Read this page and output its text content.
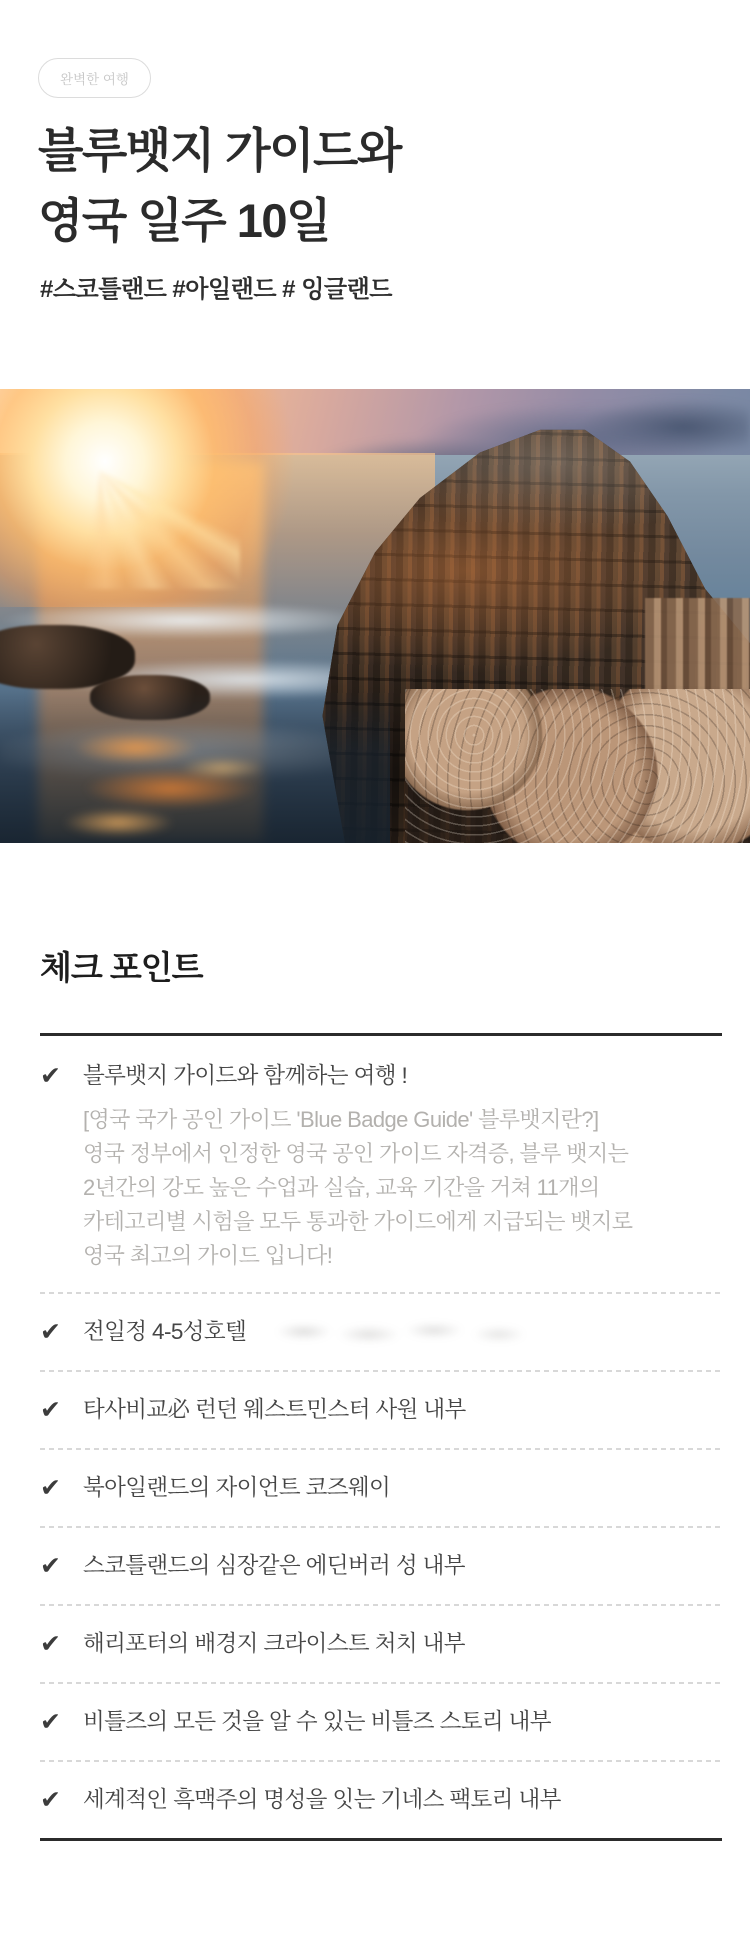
완벽한 여행
블루뱃지 가이드와
영국 일주 10일
#스코틀랜드 #아일랜드 # 잉글랜드
체크 포인트
✔ 블루뱃지 가이드와 함께하는 여행 !
[영국 국가 공인 가이드 'Blue Badge Guide' 블루뱃지란?]
영국 정부에서 인정한 영국 공인 가이드 자격증, 블루 뱃지는
2년간의 강도 높은 수업과 실습, 교육 기간을 거쳐 11개의
카테고리별 시험을 모두 통과한 가이드에게 지급되는 뱃지로
영국 최고의 가이드 입니다!
✔ 전일정 4-5성호텔
✔ 타사비교必 런던 웨스트민스터 사원 내부
✔ 북아일랜드의 자이언트 코즈웨이
✔ 스코틀랜드의 심장같은 에딘버러 성 내부
✔ 해리포터의 배경지 크라이스트 처치 내부
✔ 비틀즈의 모든 것을 알 수 있는 비틀즈 스토리 내부
✔ 세계적인 흑맥주의 명성을 잇는 기네스 팩토리 내부
